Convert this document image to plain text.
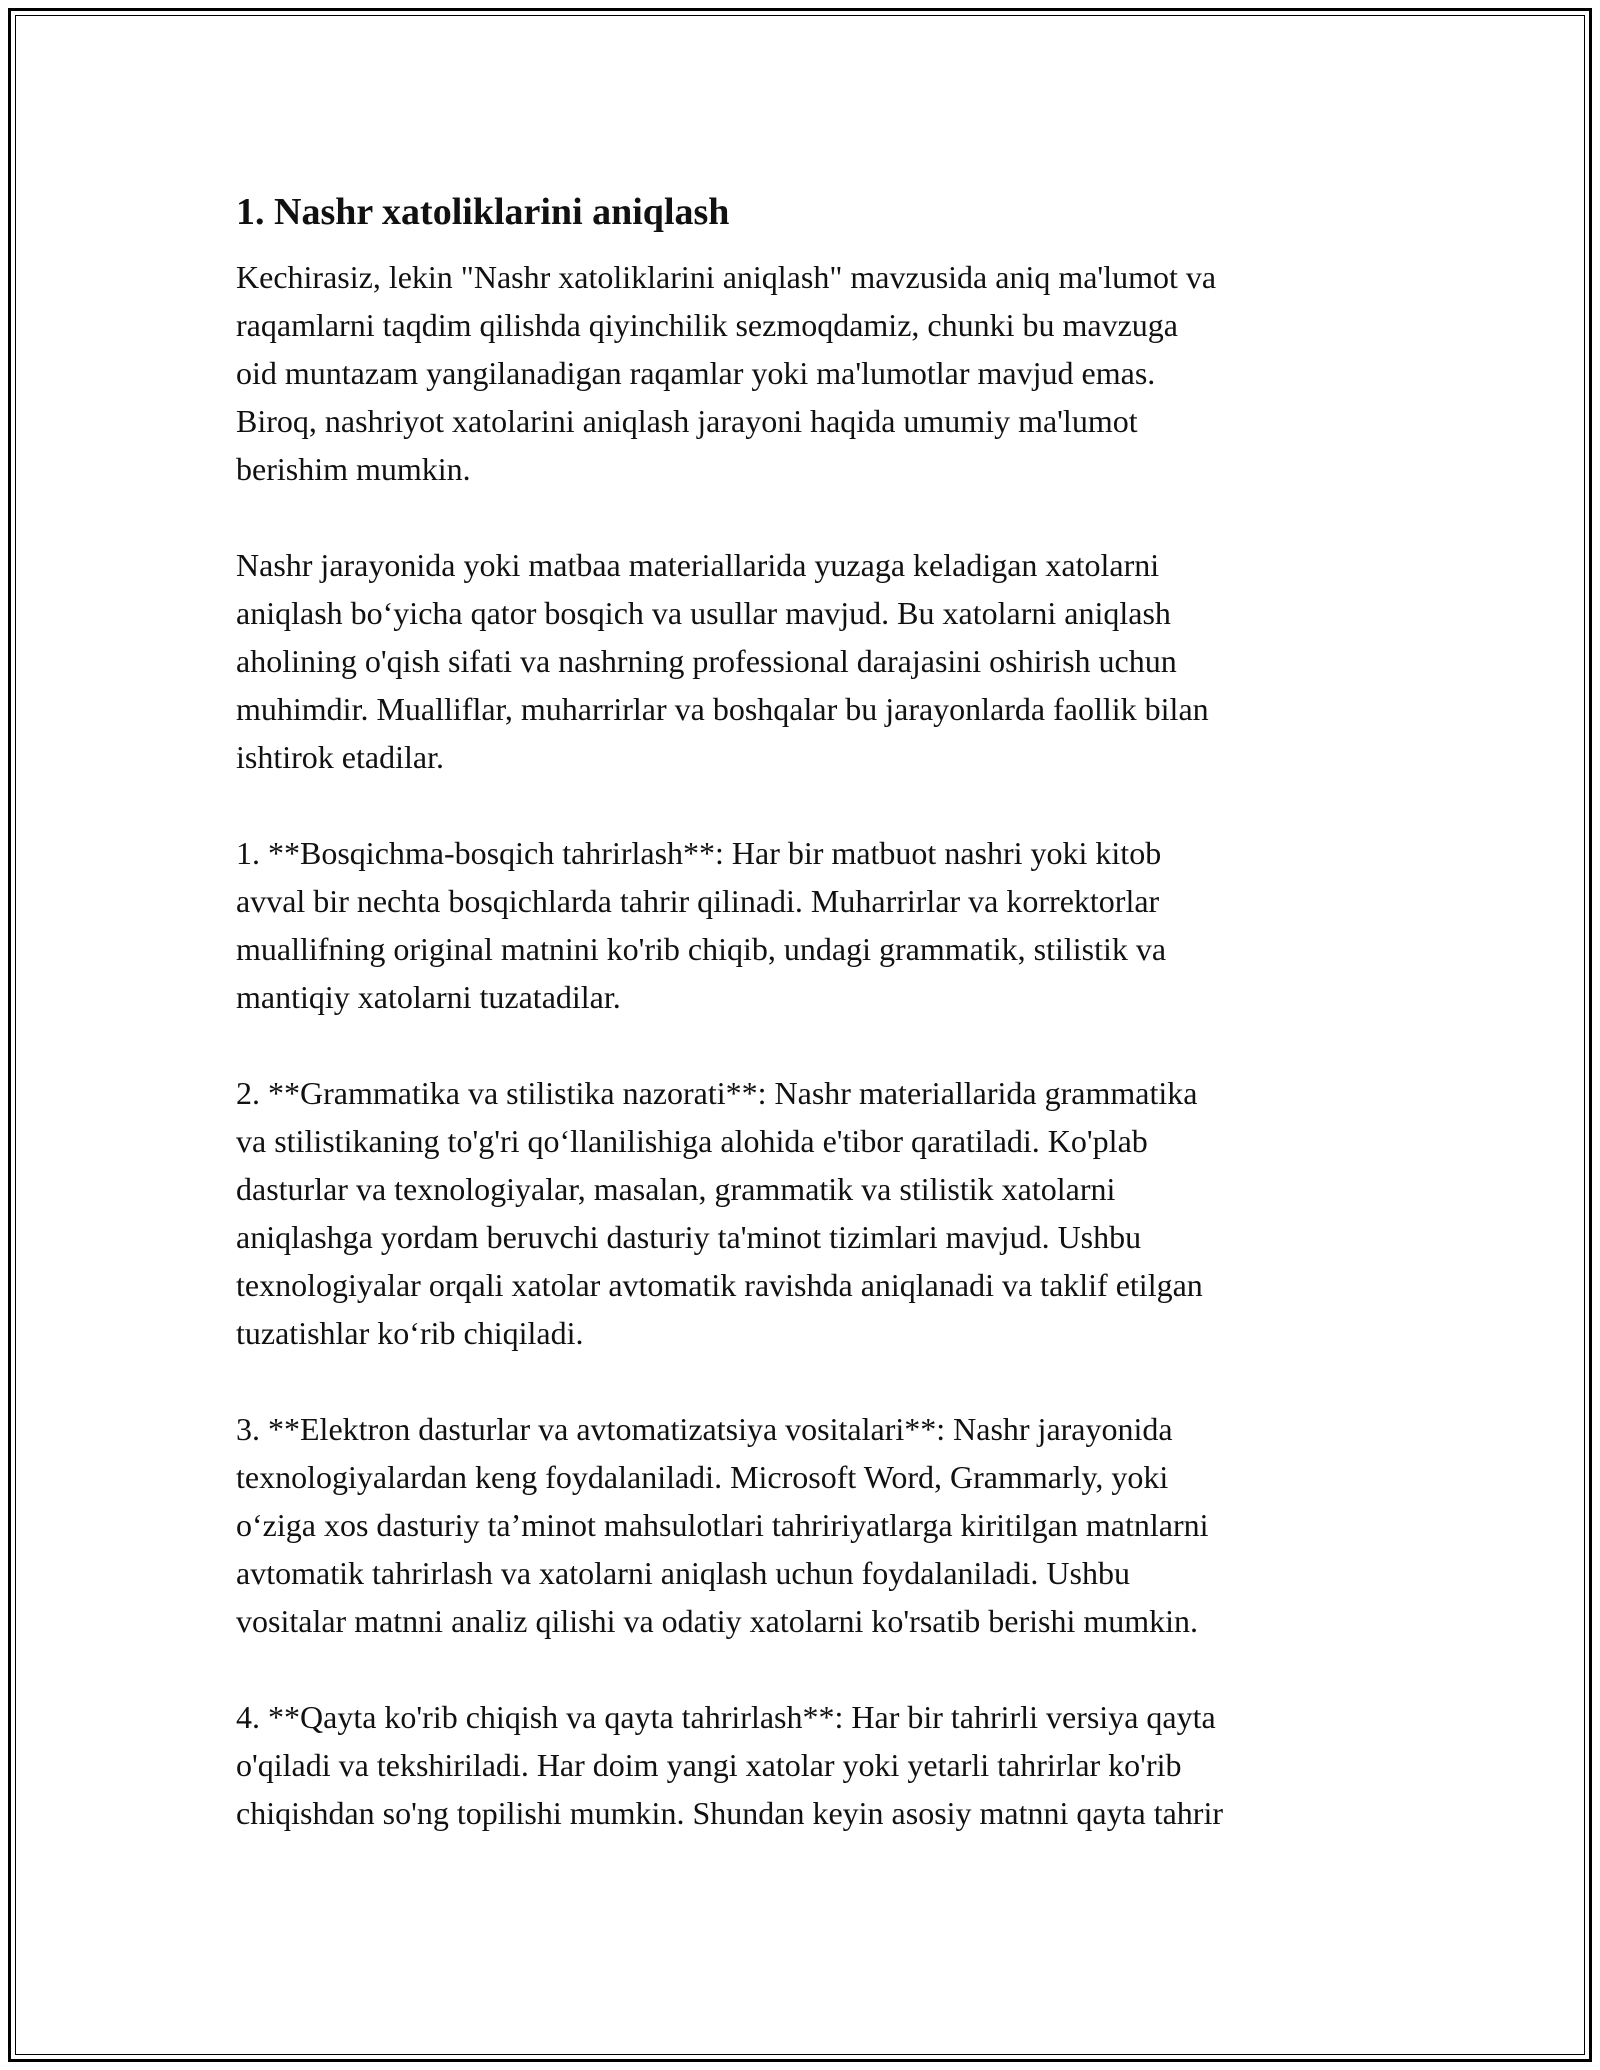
1. Nashr xatoliklarini aniqlash

Kechirasiz, lekin "Nashr xatoliklarini aniqlash" mavzusida aniq ma'lumot va
raqamlarni taqdim qilishda qiyinchilik sezmoqdamiz, chunki bu mavzuga
oid muntazam yangilanadigan raqamlar yoki ma'lumotlar mavjud emas.
Biroq, nashriyot xatolarini aniqlash jarayoni haqida umumiy ma'lumot
berishim mumkin.

Nashr jarayonida yoki matbaa materiallarida yuzaga keladigan xatolarni
aniqlash bo‘yicha qator bosqich va usullar mavjud. Bu xatolarni aniqlash
aholining o'qish sifati va nashrning professional darajasini oshirish uchun
muhimdir. Mualliflar, muharrirlar va boshqalar bu jarayonlarda faollik bilan
ishtirok etadilar.

1. **Bosqichma-bosqich tahrirlash**: Har bir matbuot nashri yoki kitob
avval bir nechta bosqichlarda tahrir qilinadi. Muharrirlar va korrektorlar
muallifning original matnini ko'rib chiqib, undagi grammatik, stilistik va
mantiqiy xatolarni tuzatadilar.

2. **Grammatika va stilistika nazorati**: Nashr materiallarida grammatika
va stilistikaning to'g'ri qo‘llanilishiga alohida e'tibor qaratiladi. Ko'plab
dasturlar va texnologiyalar, masalan, grammatik va stilistik xatolarni
aniqlashga yordam beruvchi dasturiy ta'minot tizimlari mavjud. Ushbu
texnologiyalar orqali xatolar avtomatik ravishda aniqlanadi va taklif etilgan
tuzatishlar ko‘rib chiqiladi.

3. **Elektron dasturlar va avtomatizatsiya vositalari**: Nashr jarayonida
texnologiyalardan keng foydalaniladi. Microsoft Word, Grammarly, yoki
o‘ziga xos dasturiy ta’minot mahsulotlari tahririyatlarga kiritilgan matnlarni
avtomatik tahrirlash va xatolarni aniqlash uchun foydalaniladi. Ushbu
vositalar matnni analiz qilishi va odatiy xatolarni ko'rsatib berishi mumkin.

4. **Qayta ko'rib chiqish va qayta tahrirlash**: Har bir tahrirli versiya qayta
o'qiladi va tekshiriladi. Har doim yangi xatolar yoki yetarli tahrirlar ko'rib
chiqishdan so'ng topilishi mumkin. Shundan keyin asosiy matnni qayta tahrir
